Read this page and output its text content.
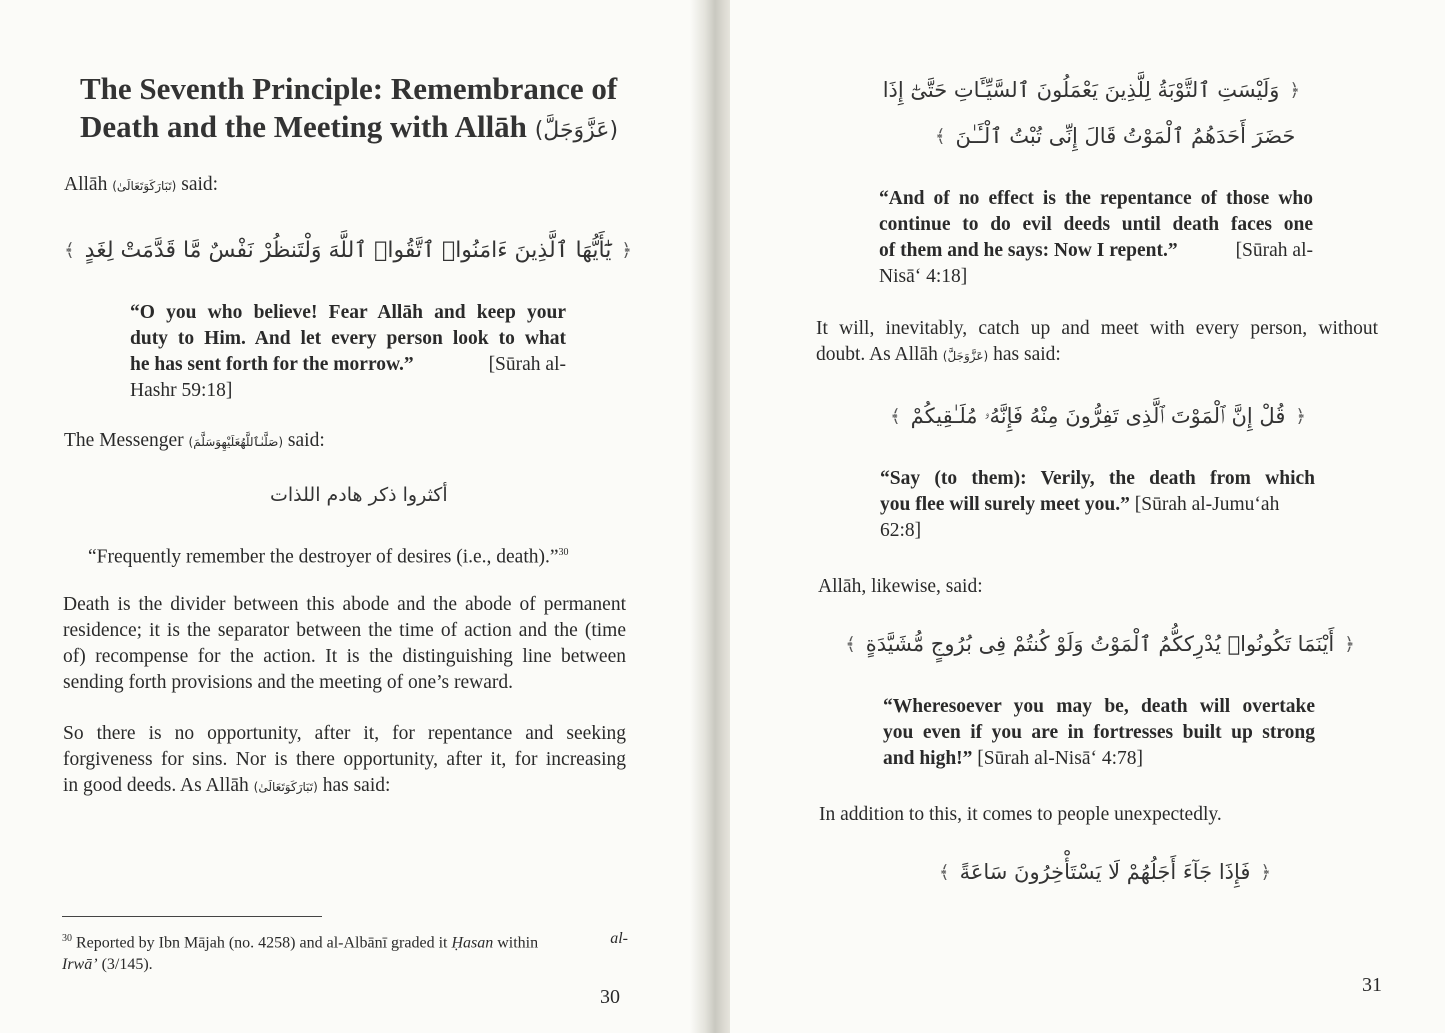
The Seventh Principle: Remembrance of
Death and the Meeting with Allāh (عَزَّوَجَلَّ)
Allāh (تَبَارَكَوَتَعَالَىٰ) said:
﴾ يَٰٓأَيُّهَا ٱلَّذِينَ ءَامَنُوا۟ ٱتَّقُوا۟ ٱللَّهَ وَلْتَنظُرْ نَفْسٌ مَّا قَدَّمَتْ لِغَدٍ ﴿
“O you who believe! Fear Allāh and keep your
duty to Him. And let every person look to what
he has sent forth for the morrow.”	[Sūrah al-
Hashr 59:18]
The Messenger (صَلَّىٰٱللَّهُعَلَيْهِوَسَلَّمَ) said:
أكثروا ذكر هادم اللذات
“Frequently remember the destroyer of desires (i.e., death).”$^{30}$
Death is the divider between this abode and the abode of permanent
residence; it is the separator between the time of action and the (time
of) recompense for the action. It is the distinguishing line between
sending forth provisions and the meeting of one’s reward.
So there is no opportunity, after it, for repentance and seeking
forgiveness for sins. Nor is there opportunity, after it, for increasing
in good deeds. As Allāh (تَبَارَكَوَتَعَالَىٰ) has said:
$^{30}$ Reported by Ibn Mājah (no. 4258) and al-Albānī graded it Ḥasan within	al-
Irwā’ (3/145).
30
وَلَيْسَتِ ٱلتَّوْبَةُ لِلَّذِينَ يَعْمَلُونَ ٱلسَّيِّـَٔاتِ حَتَّىٰٓ إِذَا ﴿
﴾ حَضَرَ أَحَدَهُمُ ٱلْمَوْتُ قَالَ إِنِّى تُبْتُ ٱلْـَٔـٰنَ
“And of no effect is the repentance of those who
continue to do evil deeds until death faces one
of them and he says: Now I repent.”	[Sūrah al-
Nisā‘ 4:18]
It will, inevitably, catch up and meet with every person, without
doubt. As Allāh (عَزَّوَجَلَّ) has said:
﴾ قُلْ إِنَّ ٱلْمَوْتَ ٱلَّذِى تَفِرُّونَ مِنْهُ فَإِنَّهُۥ مُلَـٰقِيكُمْ ﴿
“Say (to them): Verily, the death from which
you flee will surely meet you.” [Sūrah al-Jumu‘ah
62:8]
Allāh, likewise, said:
﴾ أَيْنَمَا تَكُونُوا۟ يُدْرِككُّمُ ٱلْمَوْتُ وَلَوْ كُنتُمْ فِى بُرُوجٍ مُّشَيَّدَةٍ ﴿
“Wheresoever you may be, death will overtake
you even if you are in fortresses built up strong
and high!” [Sūrah al-Nisā‘ 4:78]
In addition to this, it comes to people unexpectedly.
﴾ فَإِذَا جَآءَ أَجَلُهُمْ لَا يَسْتَأْخِرُونَ سَاعَةً ﴿
31
